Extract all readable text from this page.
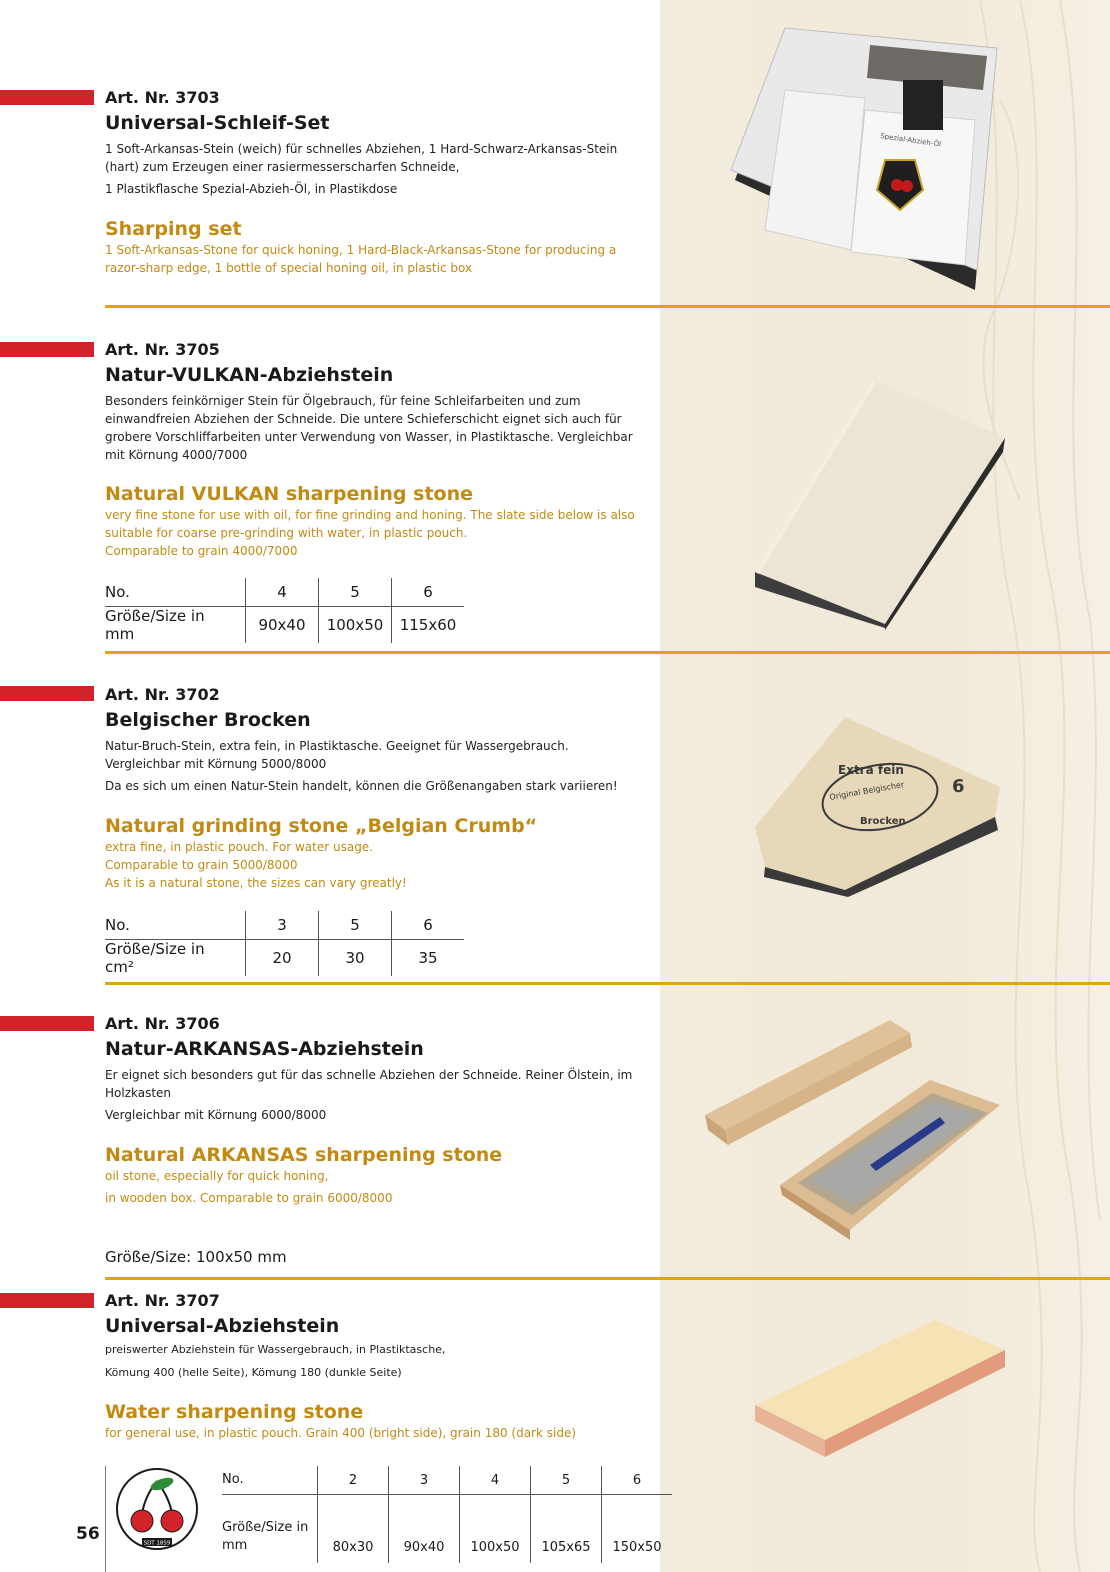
Art. Nr. 3703
Universal-Schleif-Set
1 Soft-Arkansas-Stein (weich) für schnelles Abziehen, 1 Hard-Schwarz-Arkansas-Stein (hart) zum Erzeugen einer rasiermesserscharfen Schneide,
1 Plastikflasche Spezial-Abzieh-Öl, in Plastikdose
Sharping set
1 Soft-Arkansas-Stone for quick honing, 1 Hard-Black-Arkansas-Stone for producing a razor-sharp edge, 1 bottle of special honing oil, in plastic box
Spezial-Abzieh-Öl
Art. Nr. 3705
Natur-VULKAN-Abziehstein
Besonders feinkörniger Stein für Ölgebrauch, für feine Schleifarbeiten und zum einwandfreien Abziehen der Schneide. Die untere Schieferschicht eignet sich auch für grobere Vorschliffarbeiten unter Verwendung von Wasser, in Plastiktasche. Vergleichbar mit Körnung 4000/7000
Natural VULKAN sharpening stone
very fine stone for use with oil, for fine grinding and honing. The slate side below is also suitable for coarse pre-grinding with water, in plastic pouch.
Comparable to grain 4000/7000
No.	4	5	6
Größe/Size in mm	90x40	100x50	115x60
Art. Nr. 3702
Belgischer Brocken
Natur-Bruch-Stein, extra fein, in Plastiktasche. Geeignet für Wassergebrauch. Vergleichbar mit Körnung 5000/8000
Da es sich um einen Natur-Stein handelt, können die Größenangaben stark variieren!
Natural grinding stone „Belgian Crumb“
extra fine, in plastic pouch. For water usage.
Comparable to grain 5000/8000
As it is a natural stone, the sizes can vary greatly!
No.	3	5	6
Größe/Size in cm²	20	30	35
Extra fein
Original Belgischer
Brocken
6
Art. Nr. 3706
Natur-ARKANSAS-Abziehstein
Er eignet sich besonders gut für das schnelle Abziehen der Schneide. Reiner Ölstein, im Holzkasten
Vergleichbar mit Körnung 6000/8000
Natural ARKANSAS sharpening stone
oil stone, especially for quick honing,
in wooden box. Comparable to grain 6000/8000
Größe/Size: 100x50 mm
Art. Nr. 3707
Universal-Abziehstein
preiswerter Abziehstein für Wassergebrauch, in Plastiktasche,
Kömung 400 (helle Seite), Kömung 180 (dunkle Seite)
Water sharpening stone
for general use, in plastic pouch. Grain 400 (bright side), grain 180 (dark side)
SDT 1859
No.	2	3	4	5	6
Größe/Size in mm	80x30	90x40	100x50	105x65	150x50
56
